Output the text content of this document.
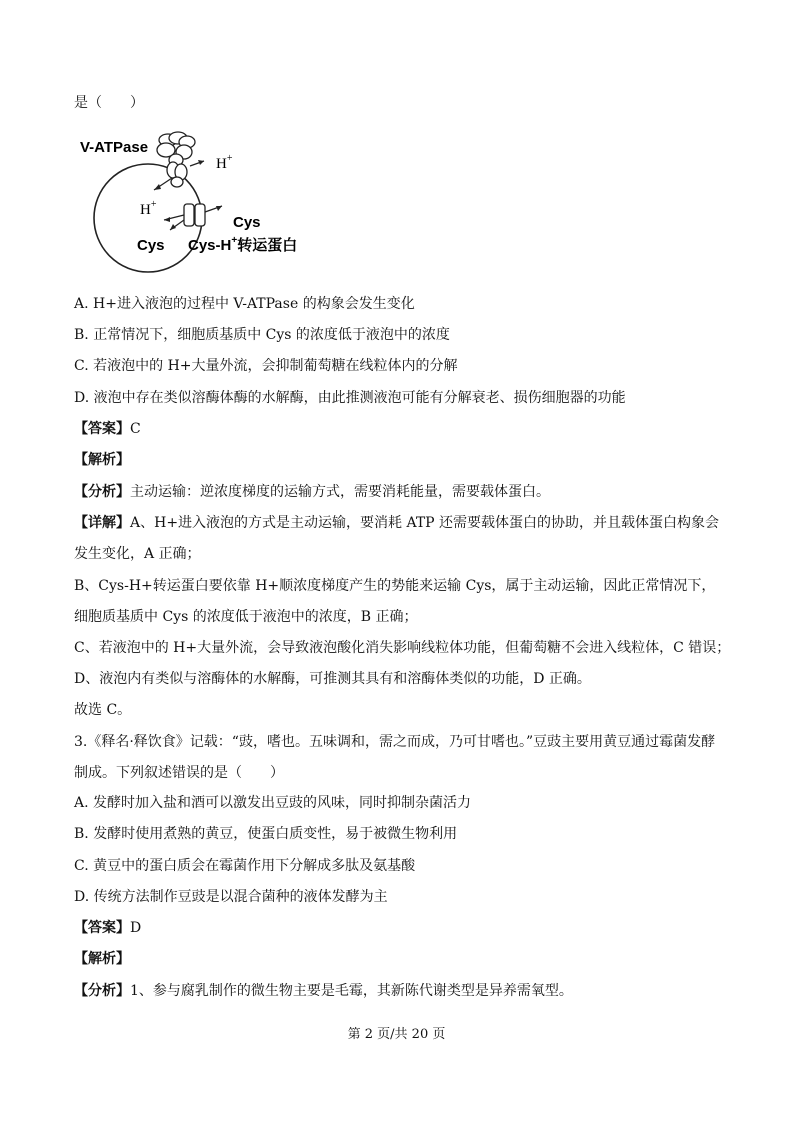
是（　　）
V-ATPase
H+
H+
Cys
Cys Cys-H+转运蛋白
A. H+进入液泡的过程中 V-ATPase 的构象会发生变化
B. 正常情况下，细胞质基质中 Cys 的浓度低于液泡中的浓度
C. 若液泡中的 H+大量外流，会抑制葡萄糖在线粒体内的分解
D. 液泡中存在类似溶酶体酶的水解酶，由此推测液泡可能有分解衰老、损伤细胞器的功能
【答案】C
【解析】
【分析】主动运输：逆浓度梯度的运输方式，需要消耗能量，需要载体蛋白。
【详解】A、H+进入液泡的方式是主动运输，要消耗 ATP 还需要载体蛋白的协助，并且载体蛋白构象会发生变化，A 正确；
B、Cys-H+转运蛋白要依靠 H+顺浓度梯度产生的势能来运输 Cys，属于主动运输，因此正常情况下，细胞质基质中 Cys 的浓度低于液泡中的浓度，B 正确；
C、若液泡中的 H+大量外流，会导致液泡酸化消失影响线粒体功能，但葡萄糖不会进入线粒体，C 错误；
D、液泡内有类似与溶酶体的水解酶，可推测其具有和溶酶体类似的功能，D 正确。
故选 C。
3.《释名·释饮食》记载：“豉，嗜也。五味调和，需之而成，乃可甘嗜也。”豆豉主要用黄豆通过霉菌发酵制成。下列叙述错误的是（　　）
A. 发酵时加入盐和酒可以激发出豆豉的风味，同时抑制杂菌活力
B. 发酵时使用煮熟的黄豆，使蛋白质变性，易于被微生物利用
C. 黄豆中的蛋白质会在霉菌作用下分解成多肽及氨基酸
D. 传统方法制作豆豉是以混合菌种的液体发酵为主
【答案】D
【解析】
【分析】1、参与腐乳制作的微生物主要是毛霉，其新陈代谢类型是异养需氧型。
第 2 页/共 20 页
